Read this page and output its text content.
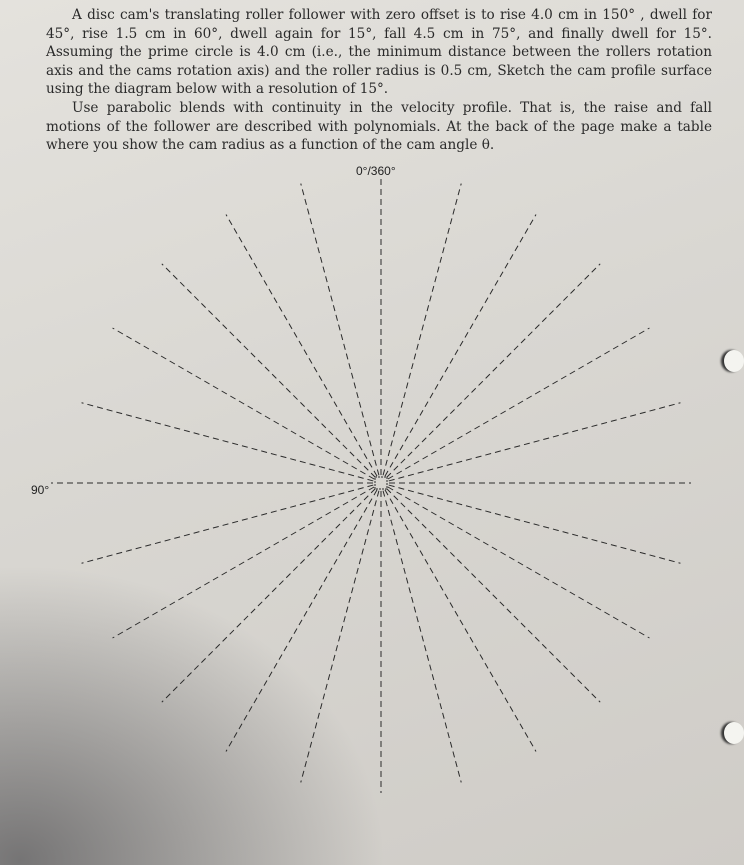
A disc cam's translating roller follower with zero offset is to rise 4.0 cm in 150° , dwell for 45°, rise 1.5 cm in 60°, dwell again for 15°, fall 4.5 cm in 75°, and finally dwell for 15°. Assuming the prime circle is 4.0 cm (i.e., the minimum distance between the rollers rotation axis and the cams rotation axis) and the roller radius is 0.5 cm, Sketch the cam profile surface using the diagram below with a resolution of 15°.

Use parabolic blends with continuity in the velocity profile. That is, the raise and fall motions of the follower are described with polynomials. At the back of the page make a table where you show the cam radius as a function of the cam angle θ.

0°/360°
90°
